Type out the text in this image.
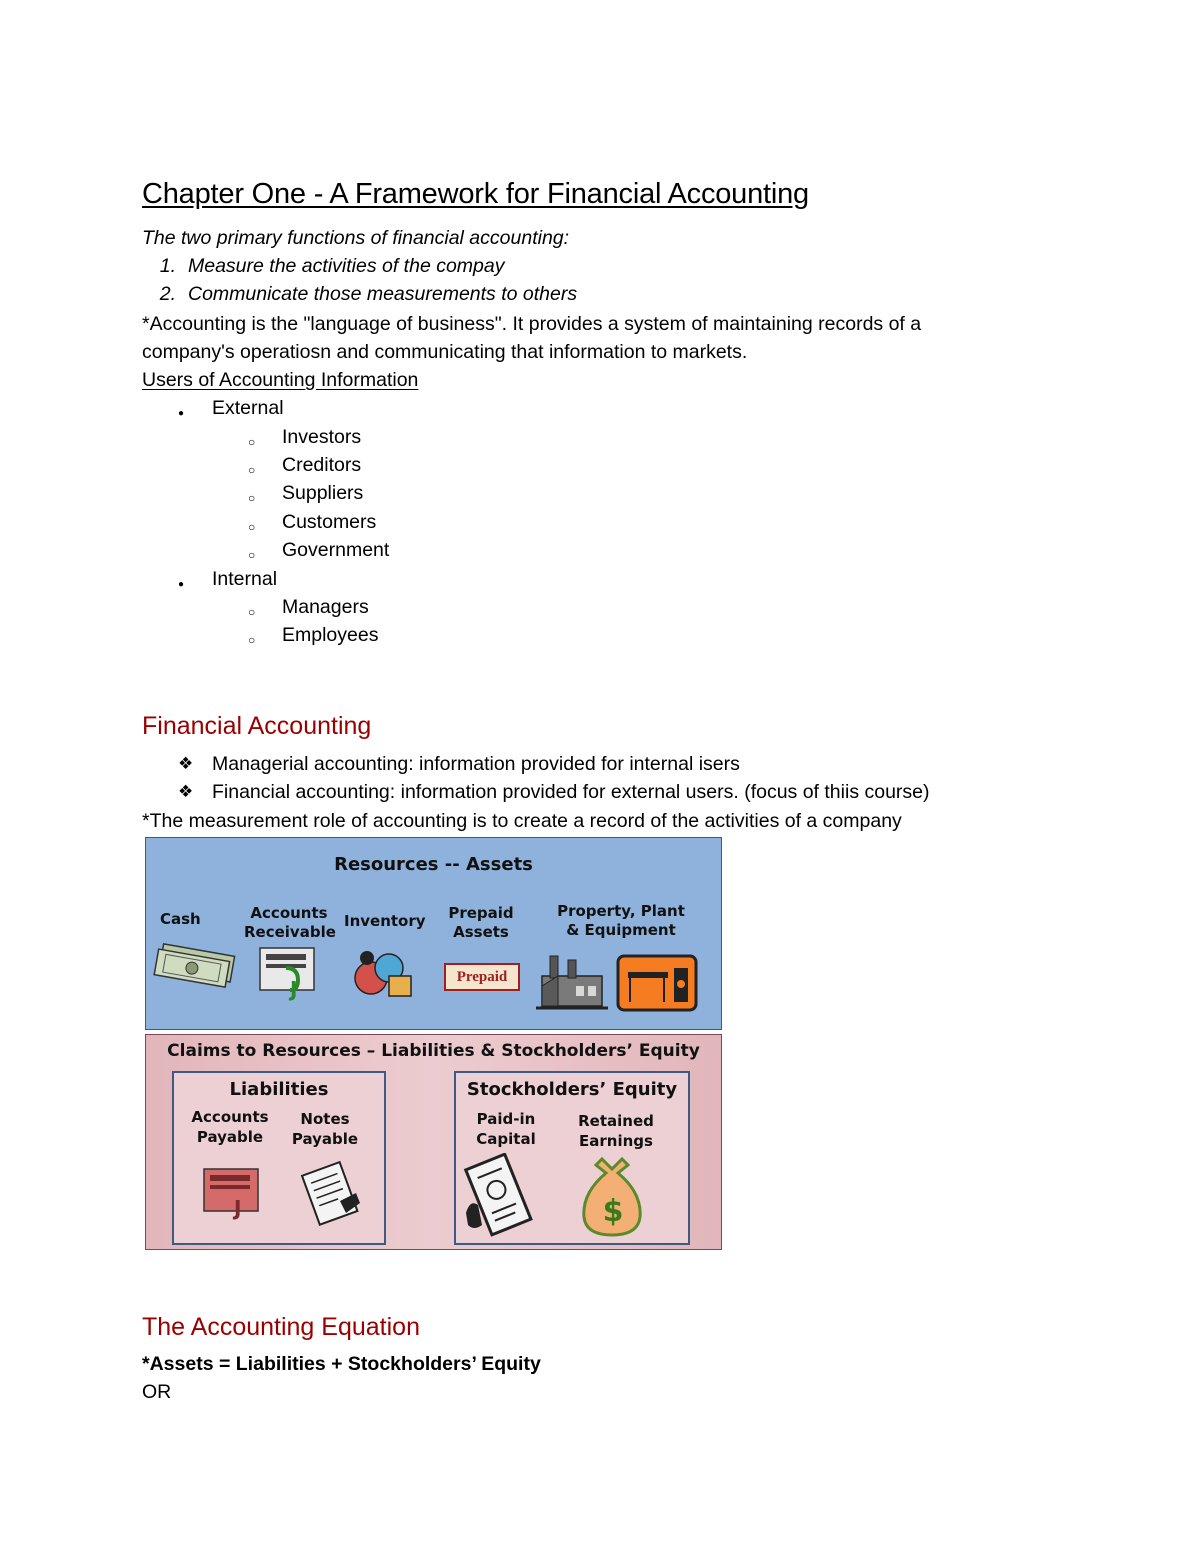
Chapter One - A Framework for Financial Accounting
The two primary functions of financial accounting:
1. Measure the activities of the compay
2. Communicate those measurements to others
*Accounting is the "language of business". It provides a system of maintaining records of a
company's operatiosn and communicating that information to markets.
Users of Accounting Information
● External
○ Investors
○ Creditors
○ Suppliers
○ Customers
○ Government
● Internal
○ Managers
○ Employees
Financial Accounting
❖ Managerial accounting: information provided for internal isers
❖ Financial accounting: information provided for external users. (focus of thiis course)
*The measurement role of accounting is to create a record of the activities of a company
The Accounting Equation
*Assets = Liabilities + Stockholders’ Equity
OR
Resources -- Assets
Cash	Accounts
Receivable
Inventory	Prepaid
Assets
Property, Plant
& Equipment
J	Prepaid
Claims to Resources – Liabilities & Stockholders’ Equity
Liabilities
Accounts
Payable
Notes
Payable
J
Stockholders’ Equity
Paid-in
Capital
Retained
Earnings
$
